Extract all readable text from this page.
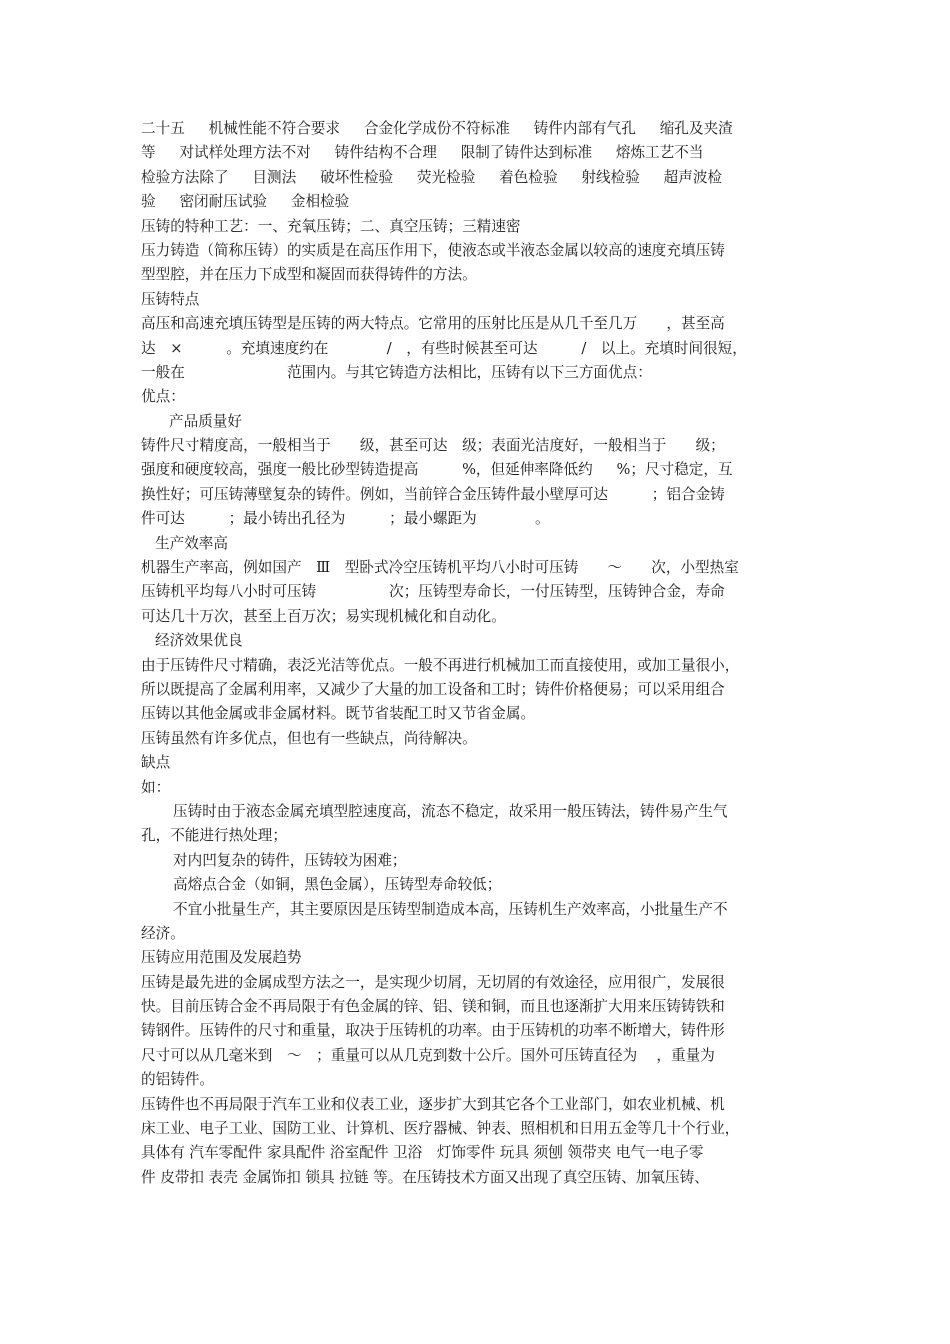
二十五　  机械性能不符合要求　  合金化学成份不符标准　  铸件内部有气孔　  缩孔及夹渣
等　  对试样处理方法不对　  铸件结构不合理　  限制了铸件达到标准　  熔炼工艺不当
检验方法除了　  目测法　  破坏性检验　  荧光检验　  着色检验　  射线检验　  超声波检
验　  密闭耐压试验　  金相检验
压铸的特种工艺：一、充氧压铸；二、真空压铸；三精速密
压力铸造（简称压铸）的实质是在高压作用下，使液态或半液态金属以较高的速度充填压铸
型型腔，并在压力下成型和凝固而获得铸件的方法。
压铸特点
高压和高速充填压铸型是压铸的两大特点。它常用的压射比压是从几千至几万　　，甚至高
达　×　　　。充填速度约在　　　　/　，有些时候甚至可达　　　/　以上。充填时间很短，
一般在　　　　　　　范围内。与其它铸造方法相比，压铸有以下三方面优点：
优点：
产品质量好
铸件尺寸精度高，一般相当于　　级，甚至可达　级；表面光洁度好，一般相当于　　级；
强度和硬度较高，强度一般比砂型铸造提高　　　%，但延伸率降低约　  %；尺寸稳定，互
换性好；可压铸薄壁复杂的铸件。例如，当前锌合金压铸件最小壁厚可达　　　；铝合金铸
件可达　　　；最小铸出孔径为　　　；最小螺距为　　　　。
生产效率高
机器生产率高，例如国产　Ⅲ　型卧式冷空压铸机平均八小时可压铸　　～　　次，小型热室
压铸机平均每八小时可压铸　　　　　次；压铸型寿命长，一付压铸型，压铸钟合金，寿命
可达几十万次，甚至上百万次；易实现机械化和自动化。
经济效果优良
由于压铸件尺寸精确，表泛光洁等优点。一般不再进行机械加工而直接使用，或加工量很小，
所以既提高了金属利用率，又减少了大量的加工设备和工时；铸件价格便易；可以采用组合
压铸以其他金属或非金属材料。既节省装配工时又节省金属。
压铸虽然有许多优点，但也有一些缺点，尚待解决。
缺点
如：
压铸时由于液态金属充填型腔速度高，流态不稳定，故采用一般压铸法，铸件易产生气
孔，不能进行热处理；
对内凹复杂的铸件，压铸较为困难；
高熔点合金（如铜，黑色金属），压铸型寿命较低；
不宜小批量生产，其主要原因是压铸型制造成本高，压铸机生产效率高，小批量生产不
经济。
压铸应用范围及发展趋势
压铸是最先进的金属成型方法之一，是实现少切屑，无切屑的有效途径，应用很广，发展很
快。目前压铸合金不再局限于有色金属的锌、铝、镁和铜，而且也逐渐扩大用来压铸铸铁和
铸钢件。压铸件的尺寸和重量，取决于压铸机的功率。由于压铸机的功率不断增大，铸件形
尺寸可以从几毫米到　～　；重量可以从几克到数十公斤。国外可压铸直径为　 ，重量为
的铝铸件。
压铸件也不再局限于汽车工业和仪表工业，逐步扩大到其它各个工业部门，如农业机械、机
床工业、电子工业、国防工业、计算机、医疗器械、钟表、照相机和日用五金等几十个行业，
具体有 汽车零配件 家具配件 浴室配件 卫浴　灯饰零件 玩具 须刨 领带夹 电气一电子零
件 皮带扣 表壳 金属饰扣 锁具 拉链 等。在压铸技术方面又出现了真空压铸、加氧压铸、
